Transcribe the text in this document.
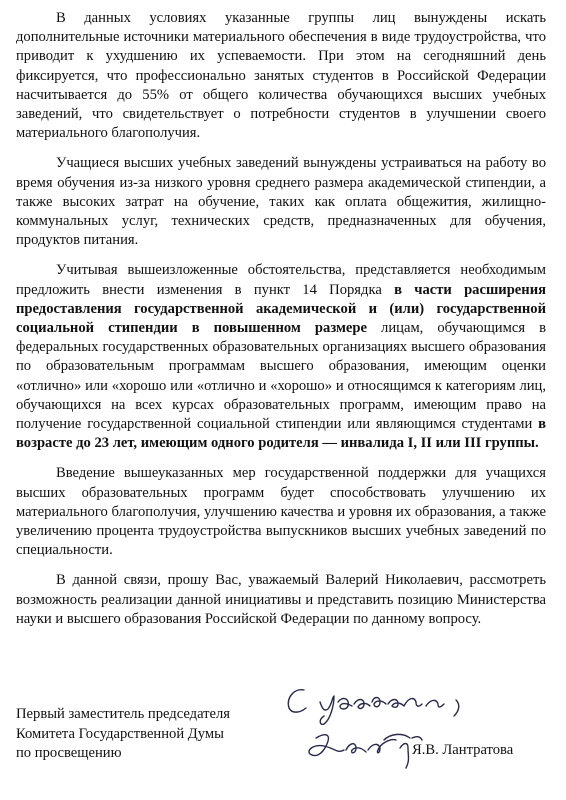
В данных условиях указанные группы лиц вынуждены искать дополнительные источники материального обеспечения в виде трудоустройства, что приводит к ухудшению их успеваемости. При этом на сегодняшний день фиксируется, что профессионально занятых студентов в Российской Федерации насчитывается до 55% от общего количества обучающихся высших учебных заведений, что свидетельствует о потребности студентов в улучшении своего материального благополучия.

Учащиеся высших учебных заведений вынуждены устраиваться на работу во время обучения из-за низкого уровня среднего размера академической стипендии, а также высоких затрат на обучение, таких как оплата общежития, жилищно-коммунальных услуг, технических средств, предназначенных для обучения, продуктов питания.

Учитывая вышеизложенные обстоятельства, представляется необходимым предложить внести изменения в пункт 14 Порядка в части расширения предоставления государственной академической и (или) государственной социальной стипендии в повышенном размере лицам, обучающимся в федеральных государственных образовательных организациях высшего образования по образовательным программам высшего образования, имеющим оценки «отлично» или «хорошо или «отлично и «хорошо» и относящимся к категориям лиц, обучающихся на всех курсах образовательных программ, имеющим право на получение государственной социальной стипендии или являющимся студентами в возрасте до 23 лет, имеющим одного родителя — инвалида I, II или III группы.

Введение вышеуказанных мер государственной поддержки для учащихся высших образовательных программ будет способствовать улучшению их материального благополучия, улучшению качества и уровня их образования, а также увеличению процента трудоустройства выпускников высших учебных заведений по специальности.

В данной связи, прошу Вас, уважаемый Валерий Николаевич, рассмотреть возможность реализации данной инициативы и представить позицию Министерства науки и высшего образования Российской Федерации по данному вопросу.

Первый заместитель председателя
Комитета Государственной Думы
по просвещению	Я.В. Лантратова
